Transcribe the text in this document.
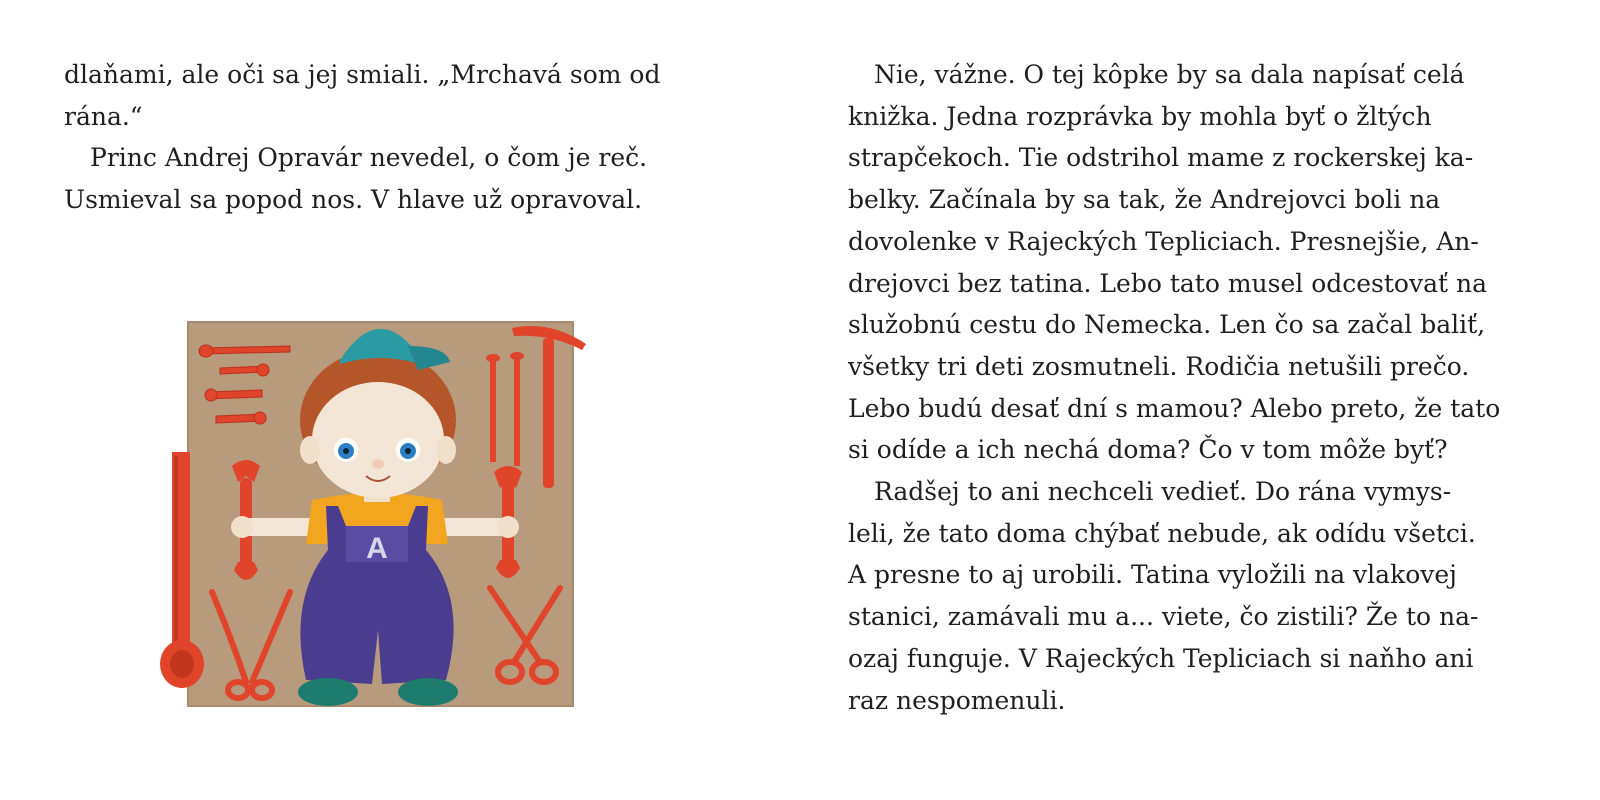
dlaňami, ale oči sa jej smiali. „Mrchavá som od
rána.“
Princ Andrej Opravár nevedel, o čom je reč.
Usmieval sa popod nos. V hlave už opravoval.
A
Nie, vážne. O tej kôpke by sa dala napísať celá
knižka. Jedna rozprávka by mohla byť o žltých
strapčekoch. Tie odstrihol mame z rockerskej ka-
belky. Začínala by sa tak, že Andrejovci boli na
dovolenke v Rajeckých Tepliciach. Presnejšie, An-
drejovci bez tatina. Lebo tato musel odcestovať na
služobnú cestu do Nemecka. Len čo sa začal baliť,
všetky tri deti zosmutneli. Rodičia netušili prečo.
Lebo budú desať dní s mamou? Alebo preto, že tato
si odíde a ich nechá doma? Čo v tom môže byť?
Radšej to ani nechceli vedieť. Do rána vymys-
leli, že tato doma chýbať nebude, ak odídu všetci.
A presne to aj urobili. Tatina vyložili na vlakovej
stanici, zamávali mu a... viete, čo zistili? Že to na-
ozaj funguje. V Rajeckých Tepliciach si naňho ani
raz nespomenuli.
